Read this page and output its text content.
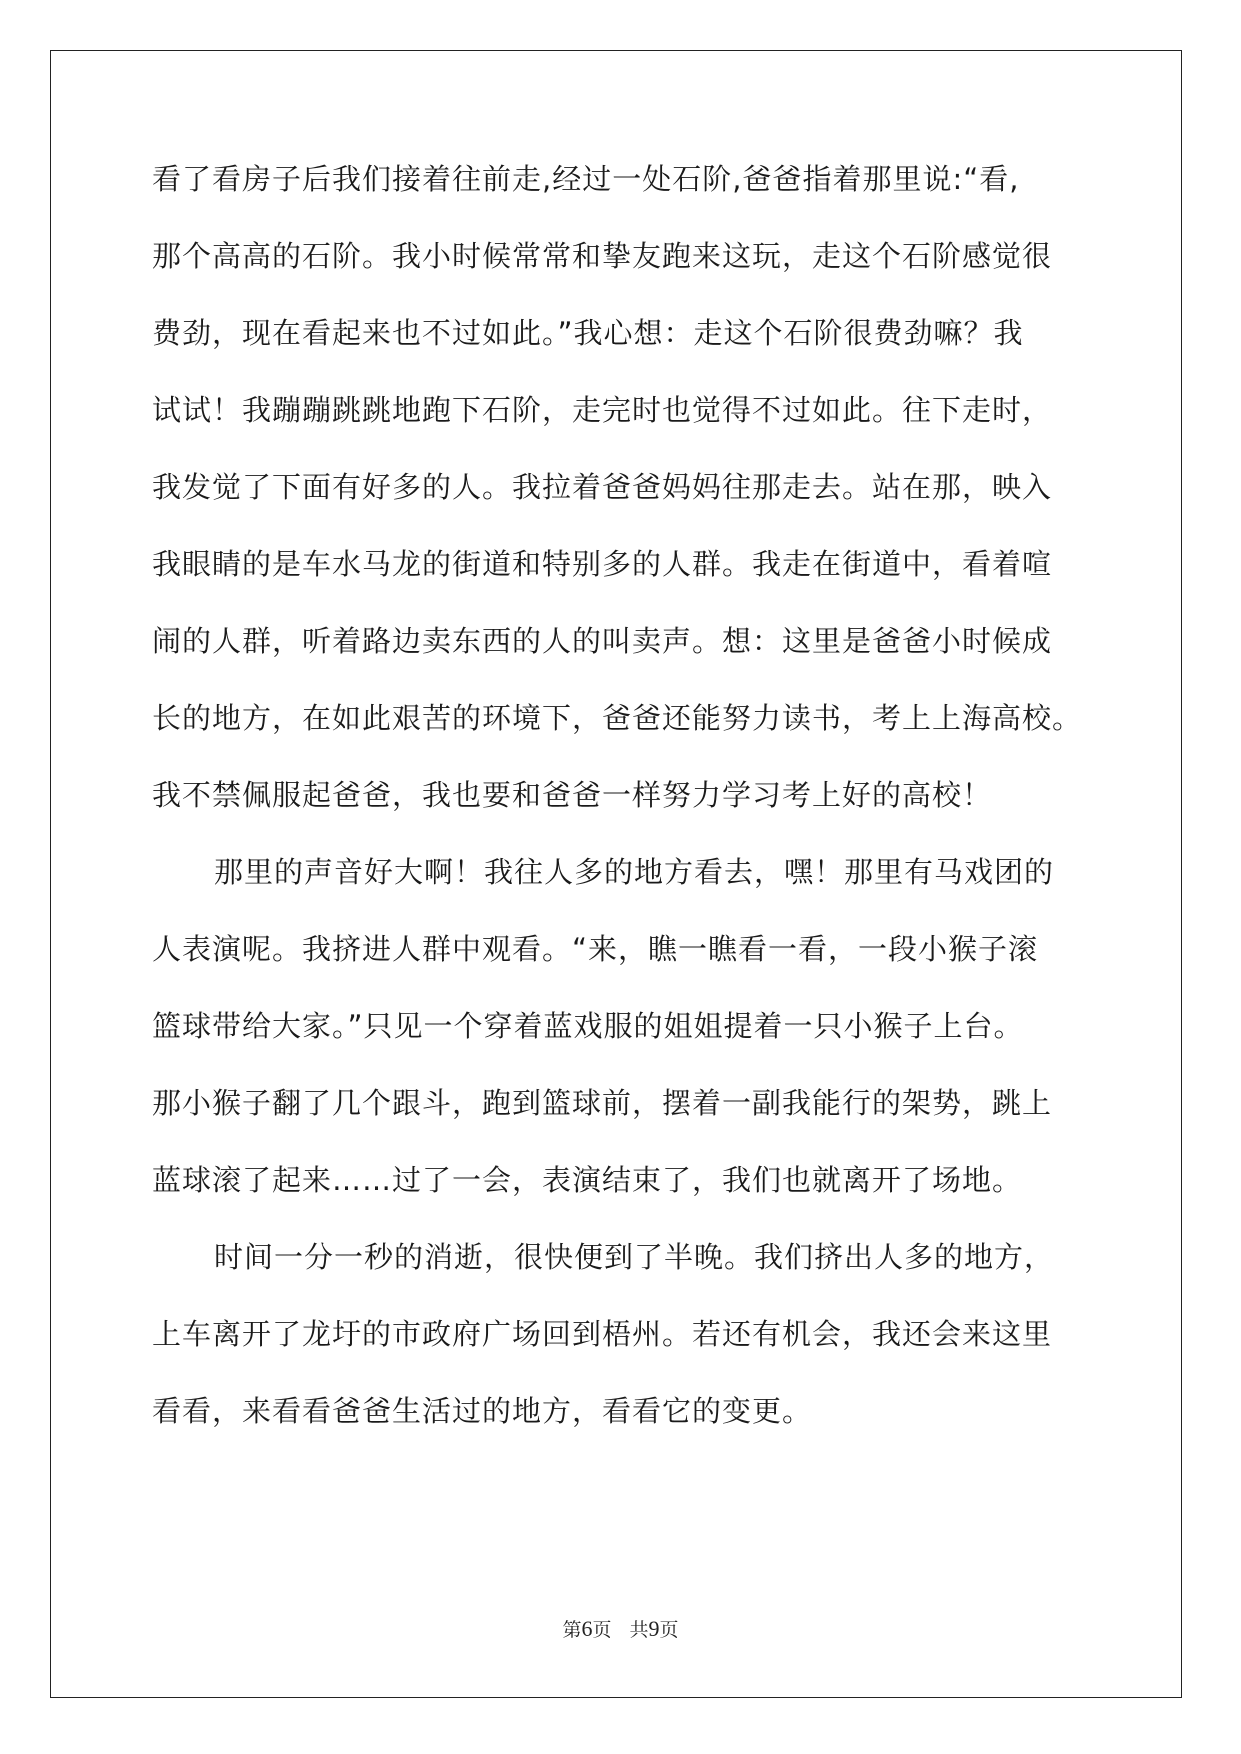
看了看房子后我们接着往前走,经过一处石阶,爸爸指着那里说:“看,
那个高高的石阶。我小时候常常和挚友跑来这玩，走这个石阶感觉很
费劲，现在看起来也不过如此。”我心想：走这个石阶很费劲嘛？我
试试！我蹦蹦跳跳地跑下石阶，走完时也觉得不过如此。往下走时，
我发觉了下面有好多的人。我拉着爸爸妈妈往那走去。站在那，映入
我眼睛的是车水马龙的街道和特别多的人群。我走在街道中，看着喧
闹的人群，听着路边卖东西的人的叫卖声。想：这里是爸爸小时候成
长的地方，在如此艰苦的环境下，爸爸还能努力读书，考上上海高校。
我不禁佩服起爸爸，我也要和爸爸一样努力学习考上好的高校！
那里的声音好大啊！我往人多的地方看去，嘿！那里有马戏团的
人表演呢。我挤进人群中观看。“来，瞧一瞧看一看，一段小猴子滚
篮球带给大家。”只见一个穿着蓝戏服的姐姐提着一只小猴子上台。
那小猴子翻了几个跟斗，跑到篮球前，摆着一副我能行的架势，跳上
蓝球滚了起来……过了一会，表演结束了，我们也就离开了场地。
时间一分一秒的消逝，很快便到了半晚。我们挤出人多的地方，
上车离开了龙圩的市政府广场回到梧州。若还有机会，我还会来这里
看看，来看看爸爸生活过的地方，看看它的变更。
第6页 共9页
